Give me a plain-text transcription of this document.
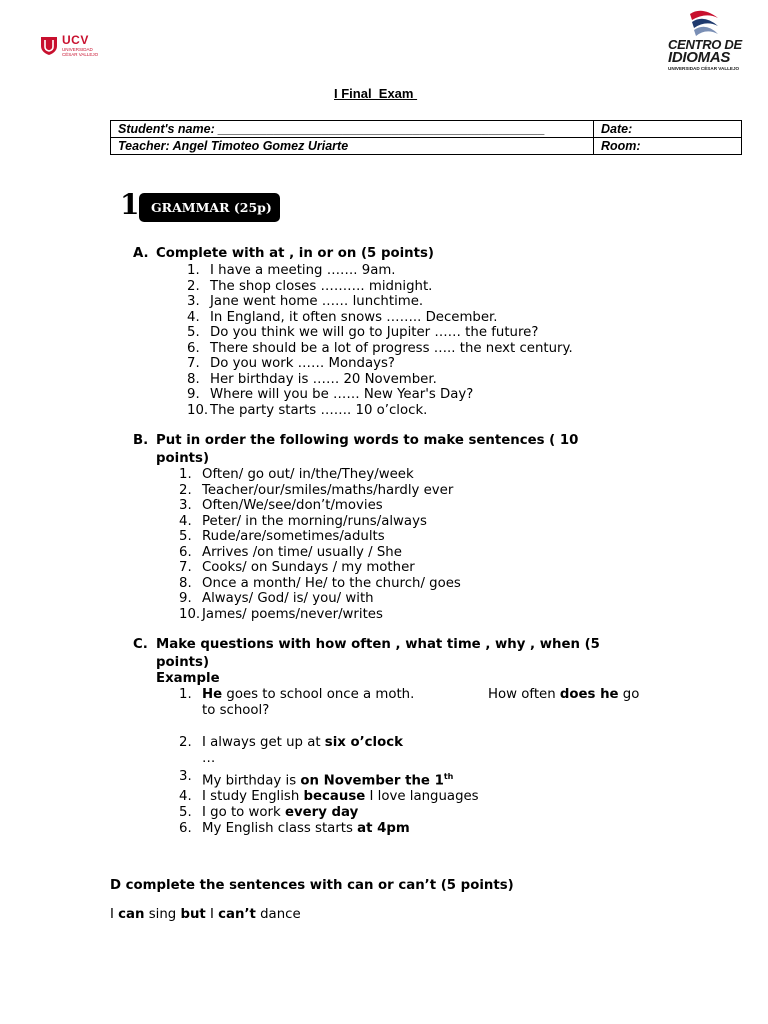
UCV
UNIVERSIDAD CÉSAR VALLEJO
CENTRO DE
IDIOMAS
UNIVERSIDAD CÉSAR VALLEJO
I Final  Exam
Student's name: _______________________________________________	Date:
Teacher: Angel Timoteo Gomez Uriarte	Room:
1 GRAMMAR (25p)
A. Complete with at , in or on (5 points)
1. I have a meeting ……. 9am.
2. The shop closes ………. midnight.
3. Jane went home …… lunchtime.
4. In England, it often snows …….. December.
5. Do you think we will go to Jupiter …… the future?
6. There should be a lot of progress ….. the next century.
7. Do you work …… Mondays?
8. Her birthday is …… 20 November.
9. Where will you be …… New Year's Day?
10. The party starts ……. 10 o’clock.
B. Put in order the following words to make sentences ( 10
points)
1. Often/ go out/ in/the/They/week
2. Teacher/our/smiles/maths/hardly ever
3. Often/We/see/don’t/movies
4. Peter/ in the morning/runs/always
5. Rude/are/sometimes/adults
6. Arrives /on time/ usually / She
7. Cooks/ on Sundays / my mother
8. Once a month/ He/ to the church/ goes
9. Always/ God/ is/ you/ with
10. James/ poems/never/writes
C. Make questions with how often , what time , why , when (5
points)
Example
1. He goes to school once a moth.	How often does he go
to school?
2. I always get up at six o’clock
…
3. My birthday is on November the 1th
4. I study English because I love languages
5. I go to work every day
6. My English class starts at 4pm
D complete the sentences with can or can’t (5 points)
I can sing but I can’t dance
